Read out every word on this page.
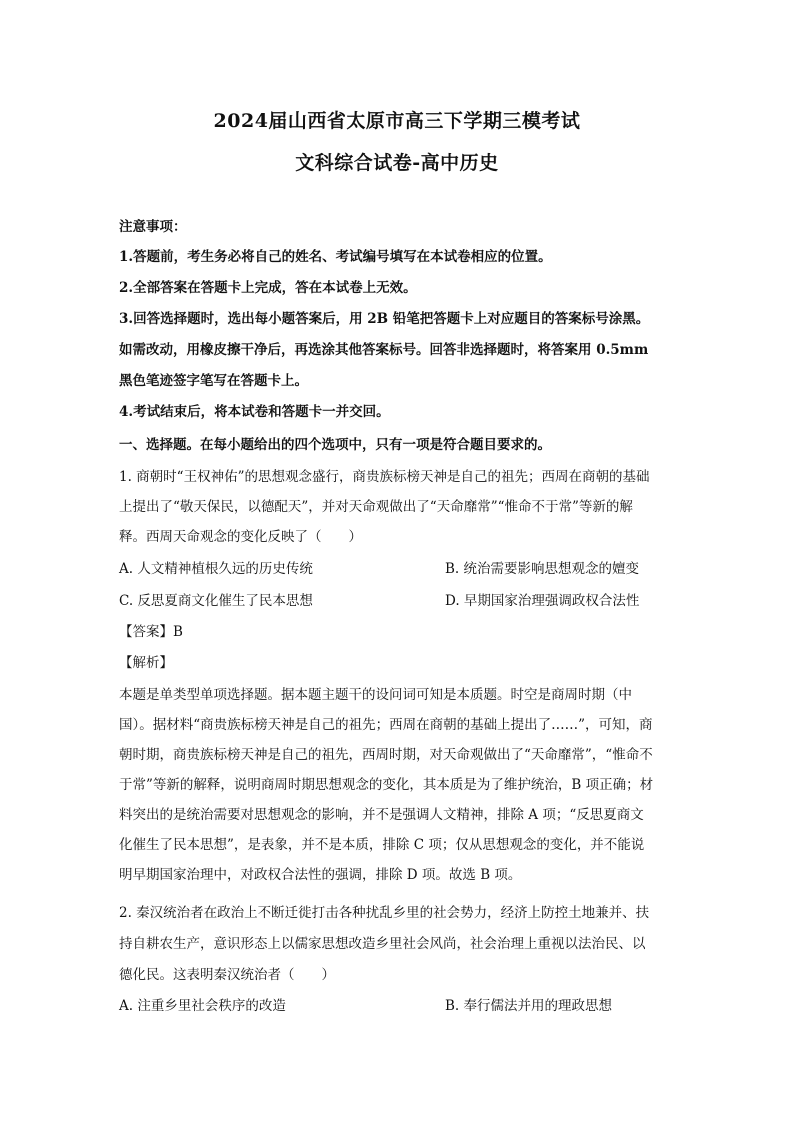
2024届山西省太原市高三下学期三模考试
文科综合试卷-高中历史
注意事项：
1.答题前，考生务必将自己的姓名、考试编号填写在本试卷相应的位置。
2.全部答案在答题卡上完成，答在本试卷上无效。
3.回答选择题时，选出每小题答案后，用 2B 铅笔把答题卡上对应题目的答案标号涂黑。
如需改动，用橡皮擦干净后，再选涂其他答案标号。回答非选择题时，将答案用 0.5mm
黑色笔迹签字笔写在答题卡上。
4.考试结束后，将本试卷和答题卡一并交回。
一、选择题。在每小题给出的四个选项中，只有一项是符合题目要求的。
1. 商朝时“王权神佑”的思想观念盛行，商贵族标榜天神是自己的祖先；西周在商朝的基础
上提出了“敬天保民，以德配天”，并对天命观做出了“天命靡常”“惟命不于常”等新的解
释。西周天命观念的变化反映了（　　）
A. 人文精神植根久远的历史传统	B. 统治需要影响思想观念的嬗变
C. 反思夏商文化催生了民本思想	D. 早期国家治理强调政权合法性
【答案】B
【解析】
本题是单类型单项选择题。据本题主题干的设问词可知是本质题。时空是商周时期（中
国）。据材料“商贵族标榜天神是自己的祖先；西周在商朝的基础上提出了……”，可知，商
朝时期，商贵族标榜天神是自己的祖先，西周时期，对天命观做出了“天命靡常”，“惟命不
于常”等新的解释，说明商周时期思想观念的变化，其本质是为了维护统治，B 项正确；材
料突出的是统治需要对思想观念的影响，并不是强调人文精神，排除 A 项；“反思夏商文
化催生了民本思想”，是表象，并不是本质，排除 C 项；仅从思想观念的变化，并不能说
明早期国家治理中，对政权合法性的强调，排除 D 项。故选 B 项。
2. 秦汉统治者在政治上不断迁徙打击各种扰乱乡里的社会势力，经济上防控土地兼并、扶
持自耕农生产，意识形态上以儒家思想改造乡里社会风尚，社会治理上重视以法治民、以
德化民。这表明秦汉统治者（　　）
A. 注重乡里社会秩序的改造	B. 奉行儒法并用的理政思想
